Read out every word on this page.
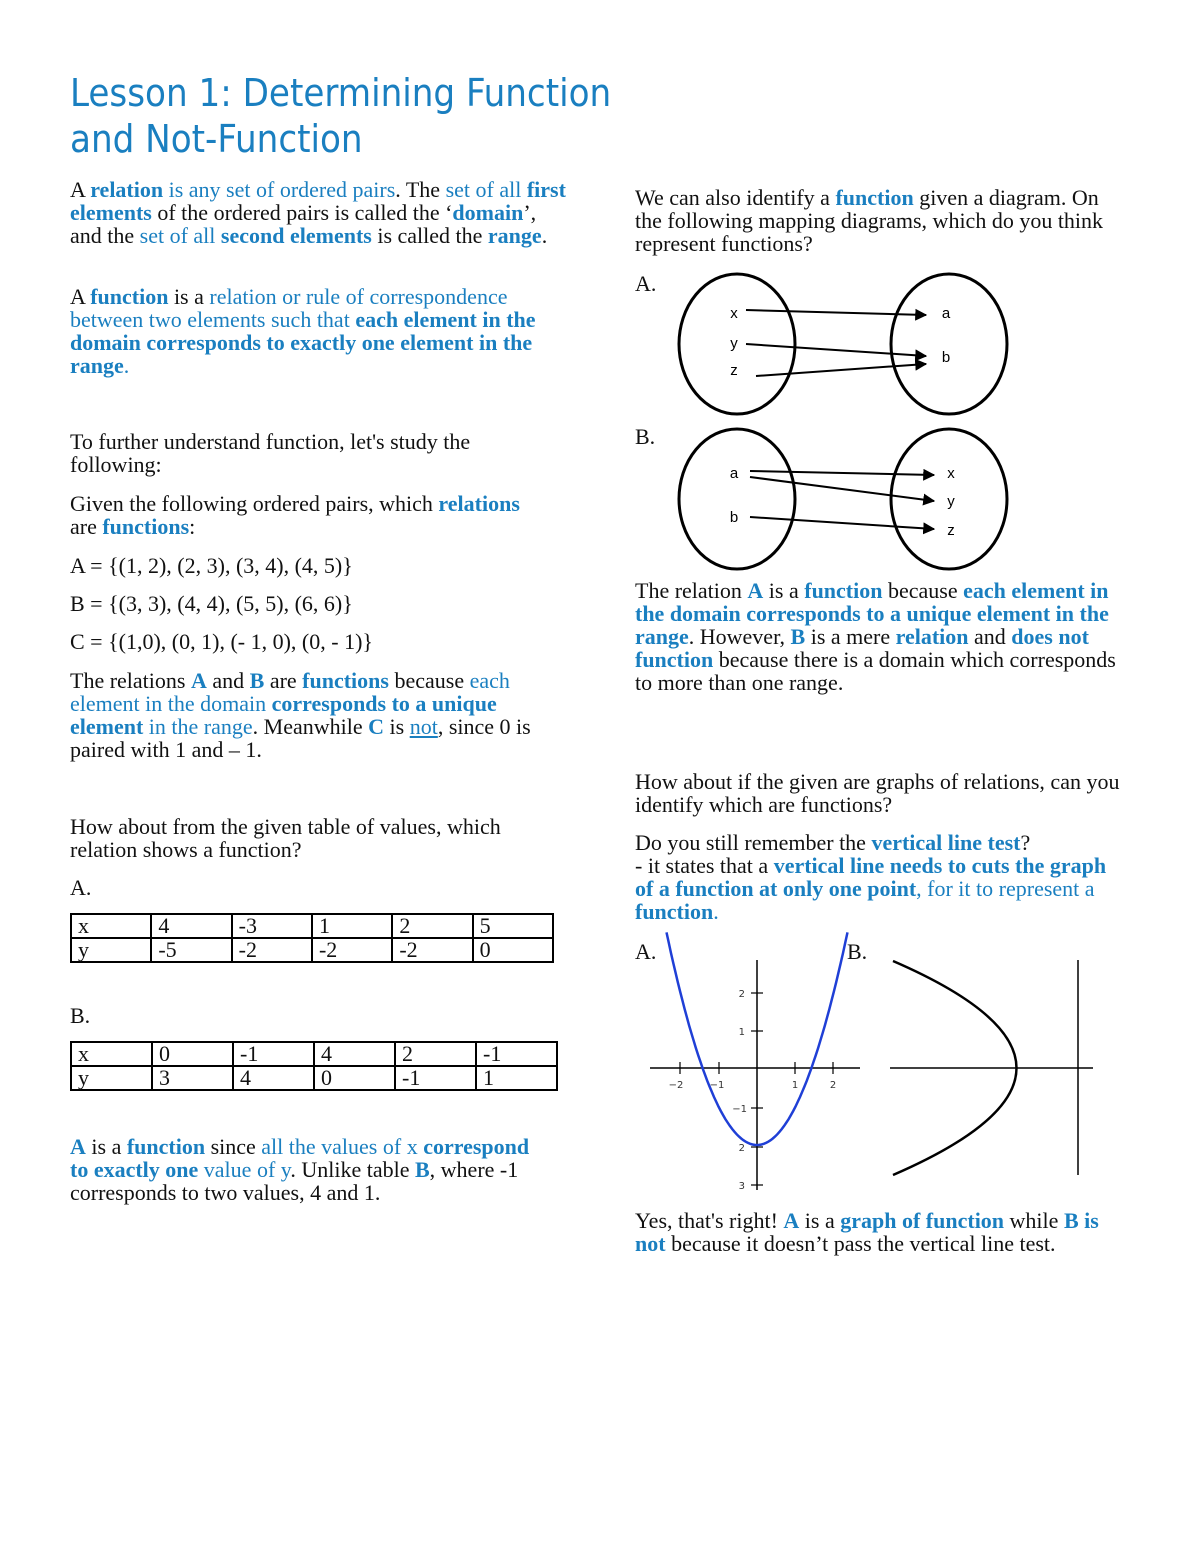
Lesson 1: Determining Function and Not-Function

A relation is any set of ordered pairs. The set of all first elements of the ordered pairs is called the ‘domain’, and the set of all second elements is called the range.

A function is a relation or rule of correspondence between two elements such that each element in the domain corresponds to exactly one element in the range.

To further understand function, let's study the following:

Given the following ordered pairs, which relations are functions:

A = {(1, 2), (2, 3), (3, 4), (4, 5)}

B = {(3, 3), (4, 4), (5, 5), (6, 6)}

C = {(1,0), (0, 1), (- 1, 0), (0, - 1)}

The relations A and B are functions because each element in the domain corresponds to a unique element in the range. Meanwhile C is not, since 0 is paired with 1 and – 1.

How about from the given table of values, which relation shows a function?

A.

x	4	-3	1	2	5
y	-5	-2	-2	-2	0

B.

x	0	-1	4	2	-1
y	3	4	0	-1	1

A is a function since all the values of x correspond to exactly one value of y. Unlike table B, where -1 corresponds to two values, 4 and 1.

We can also identify a function given a diagram. On the following mapping diagrams, which do you think represent functions?

A.

x
y
z
a
b

B.

a
b
x
y
z

The relation A is a function because each element in the domain corresponds to a unique element in the range. However, B is a mere relation and does not function because there is a domain which corresponds to more than one range.

How about if the given are graphs of relations, can you identify which are functions?

Do you still remember the vertical line test?
- it states that a vertical line needs to cuts the graph of a function at only one point, for it to represent a function.

A.	B.

−2	−1	1	2
2
1
−1
2
3

Yes, that's right! A is a graph of function while B is not because it doesn’t pass the vertical line test.
